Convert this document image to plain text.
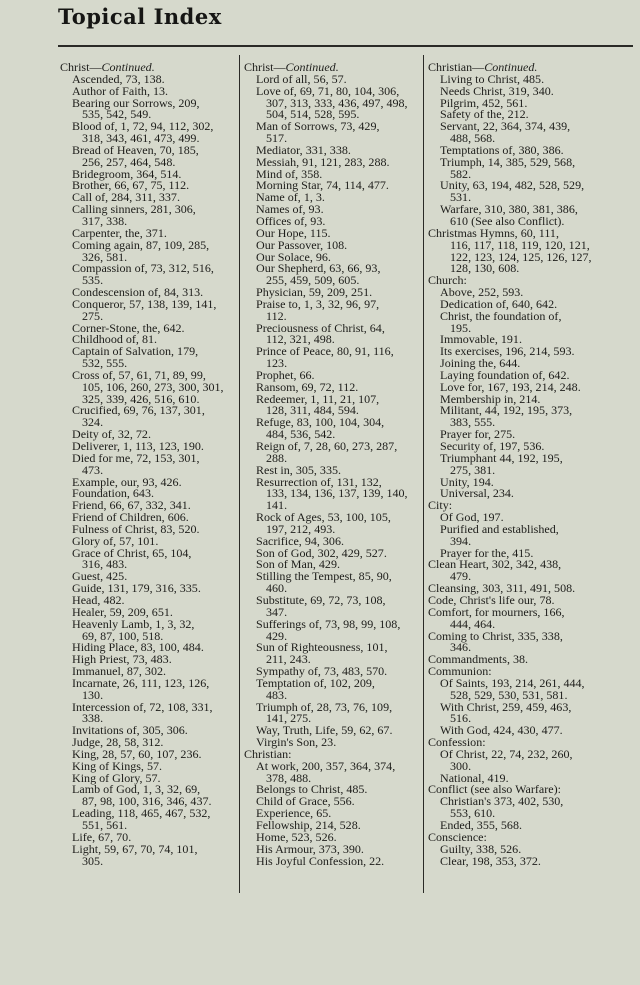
Topical Index
Christ—Continued.
Ascended, 73, 138.
Author of Faith, 13.
Bearing our Sorrows, 209,
535, 542, 549.
Blood of, 1, 72, 94, 112, 302,
318, 343, 461, 473, 499.
Bread of Heaven, 70, 185,
256, 257, 464, 548.
Bridegroom, 364, 514.
Brother, 66, 67, 75, 112.
Call of, 284, 311, 337.
Calling sinners, 281, 306,
317, 338.
Carpenter, the, 371.
Coming again, 87, 109, 285,
326, 581.
Compassion of, 73, 312, 516,
535.
Condescension of, 84, 313.
Conqueror, 57, 138, 139, 141,
275.
Corner-Stone, the, 642.
Childhood of, 81.
Captain of Salvation, 179,
532, 555.
Cross of, 57, 61, 71, 89, 99,
105, 106, 260, 273, 300, 301,
325, 339, 426, 516, 610.
Crucified, 69, 76, 137, 301,
324.
Deity of, 32, 72.
Deliverer, 1, 113, 123, 190.
Died for me, 72, 153, 301,
473.
Example, our, 93, 426.
Foundation, 643.
Friend, 66, 67, 332, 341.
Friend of Children, 606.
Fulness of Christ, 83, 520.
Glory of, 57, 101.
Grace of Christ, 65, 104,
316, 483.
Guest, 425.
Guide, 131, 179, 316, 335.
Head, 482.
Healer, 59, 209, 651.
Heavenly Lamb, 1, 3, 32,
69, 87, 100, 518.
Hiding Place, 83, 100, 484.
High Priest, 73, 483.
Immanuel, 87, 302.
Incarnate, 26, 111, 123, 126,
130.
Intercession of, 72, 108, 331,
338.
Invitations of, 305, 306.
Judge, 28, 58, 312.
King, 28, 57, 60, 107, 236.
King of Kings, 57.
King of Glory, 57.
Lamb of God, 1, 3, 32, 69,
87, 98, 100, 316, 346, 437.
Leading, 118, 465, 467, 532,
551, 561.
Life, 67, 70.
Light, 59, 67, 70, 74, 101,
305.
Christ—Continued.
Lord of all, 56, 57.
Love of, 69, 71, 80, 104, 306,
307, 313, 333, 436, 497, 498,
504, 514, 528, 595.
Man of Sorrows, 73, 429,
517.
Mediator, 331, 338.
Messiah, 91, 121, 283, 288.
Mind of, 358.
Morning Star, 74, 114, 477.
Name of, 1, 3.
Names of, 93.
Offices of, 93.
Our Hope, 115.
Our Passover, 108.
Our Solace, 96.
Our Shepherd, 63, 66, 93,
255, 459, 509, 605.
Physician, 59, 209, 251.
Praise to, 1, 3, 32, 96, 97,
112.
Preciousness of Christ, 64,
112, 321, 498.
Prince of Peace, 80, 91, 116,
123.
Prophet, 66.
Ransom, 69, 72, 112.
Redeemer, 1, 11, 21, 107,
128, 311, 484, 594.
Refuge, 83, 100, 104, 304,
484, 536, 542.
Reign of, 7, 28, 60, 273, 287,
288.
Rest in, 305, 335.
Resurrection of, 131, 132,
133, 134, 136, 137, 139, 140,
141.
Rock of Ages, 53, 100, 105,
197, 212, 493.
Sacrifice, 94, 306.
Son of God, 302, 429, 527.
Son of Man, 429.
Stilling the Tempest, 85, 90,
460.
Substitute, 69, 72, 73, 108,
347.
Sufferings of, 73, 98, 99, 108,
429.
Sun of Righteousness, 101,
211, 243.
Sympathy of, 73, 483, 570.
Temptation of, 102, 209,
483.
Triumph of, 28, 73, 76, 109,
141, 275.
Way, Truth, Life, 59, 62, 67.
Virgin's Son, 23.
Christian:
At work, 200, 357, 364, 374,
378, 488.
Belongs to Christ, 485.
Child of Grace, 556.
Experience, 65.
Fellowship, 214, 528.
Home, 523, 526.
His Armour, 373, 390.
His Joyful Confession, 22.
Christian—Continued.
Living to Christ, 485.
Needs Christ, 319, 340.
Pilgrim, 452, 561.
Safety of the, 212.
Servant, 22, 364, 374, 439,
488, 568.
Temptations of, 380, 386.
Triumph, 14, 385, 529, 568,
582.
Unity, 63, 194, 482, 528, 529,
531.
Warfare, 310, 380, 381, 386,
610 (See also Conflict).
Christmas Hymns, 60, 111,
116, 117, 118, 119, 120, 121,
122, 123, 124, 125, 126, 127,
128, 130, 608.
Church:
Above, 252, 593.
Dedication of, 640, 642.
Christ, the foundation of,
195.
Immovable, 191.
Its exercises, 196, 214, 593.
Joining the, 644.
Laying foundation of, 642.
Love for, 167, 193, 214, 248.
Membership in, 214.
Militant, 44, 192, 195, 373,
383, 555.
Prayer for, 275.
Security of, 197, 536.
Triumphant 44, 192, 195,
275, 381.
Unity, 194.
Universal, 234.
City:
Of God, 197.
Purified and established,
394.
Prayer for the, 415.
Clean Heart, 302, 342, 438,
479.
Cleansing, 303, 311, 491, 508.
Code, Christ's life our, 78.
Comfort, for mourners, 166,
444, 464.
Coming to Christ, 335, 338,
346.
Commandments, 38.
Communion:
Of Saints, 193, 214, 261, 444,
528, 529, 530, 531, 581.
With Christ, 259, 459, 463,
516.
With God, 424, 430, 477.
Confession:
Of Christ, 22, 74, 232, 260,
300.
National, 419.
Conflict (see also Warfare):
Christian's 373, 402, 530,
553, 610.
Ended, 355, 568.
Conscience:
Guilty, 338, 526.
Clear, 198, 353, 372.
